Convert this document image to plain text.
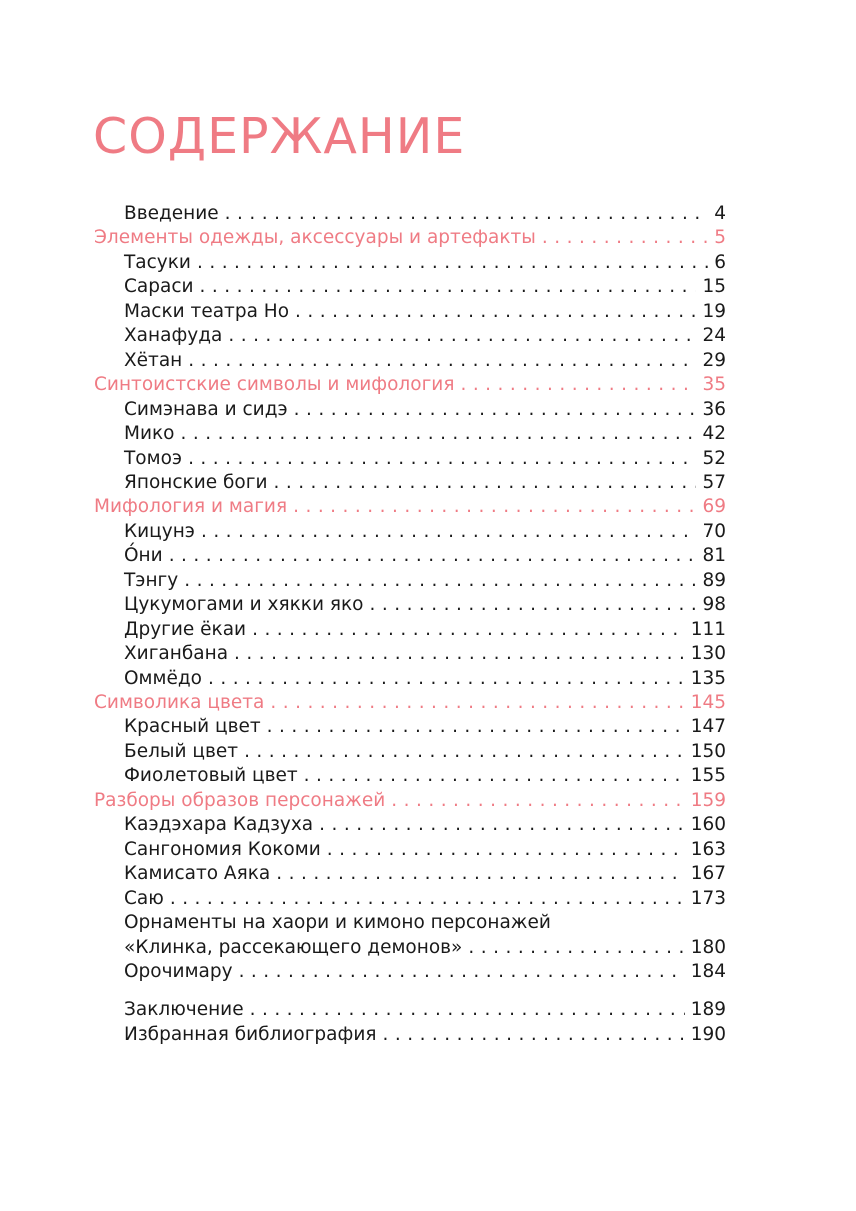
СОДЕРЖАНИЕ
Введение . . .	4
Элементы одежды, аксессуары и артефакты . . .	5
Тасуки . . .	6
Сараси . . .	15
Маски театра Но . . .	19
Ханафуда . . .	24
Хётан . . .	29
Синтоистские символы и мифология . . .	35
Симэнава и сидэ . . .	36
Мико . . .	42
Томоэ . . .	52
Японские боги . . .	57
Мифология и магия . . .	69
Кицунэ . . .	70
О́ни . . .	81
Тэнгу . . .	89
Цукумогами и хякки яко . . .	98
Другие ёкаи . . .	111
Хиганбана . . .	130
Оммёдо . . .	135
Символика цвета . . .	145
Красный цвет . . .	147
Белый цвет . . .	150
Фиолетовый цвет . . .	155
Разборы образов персонажей . . .	159
Каэдэхара Кадзуха . . .	160
Сангономия Кокоми . . .	163
Камисато Аяка . . .	167
Саю . . .	173
Орнаменты на хаори и кимоно персонажей
«Клинка, рассекающего демонов» . . .	180
Орочимару . . .	184
Заключение . . .	189
Избранная библиография . . .	190
